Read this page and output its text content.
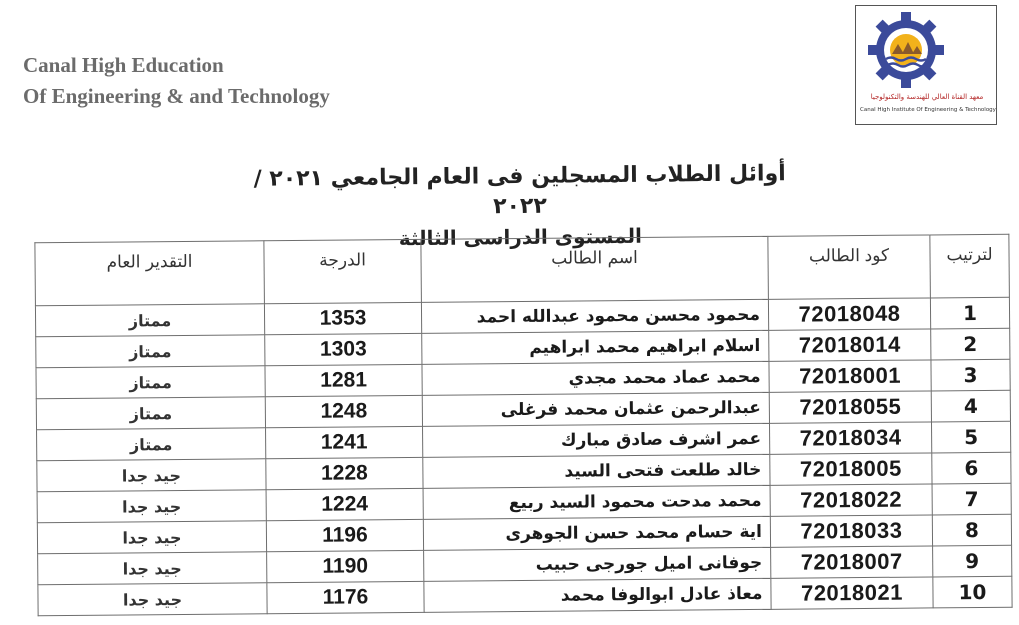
Canal High Education
Of Engineering & and Technology	معهد القناة العالي للهندسة والتكنولوجيا
Canal High Institute Of Engineering & Technology
أوائل الطلاب المسجلين فى العام الجامعي ٢٠٢١ / ٢٠٢٢
المستوى الدراسى الثالثة
لترتيب	كود الطالب	اسم الطالب	الدرجة	التقدير العام
1	72018048	محمود محسن محمود عبدالله احمد	1353	ممتاز
2	72018014	اسلام ابراهيم محمد ابراهيم	1303	ممتاز
3	72018001	محمد عماد محمد مجدي	1281	ممتاز
4	72018055	عبدالرحمن عثمان محمد فرغلى	1248	ممتاز
5	72018034	عمر اشرف صادق مبارك	1241	ممتاز
6	72018005	خالد طلعت فتحى السيد	1228	جيد جدا
7	72018022	محمد مدحت محمود السيد ربيع	1224	جيد جدا
8	72018033	اية حسام محمد حسن الجوهرى	1196	جيد جدا
9	72018007	جوفانى اميل جورجى حبيب	1190	جيد جدا
10	72018021	معاذ عادل ابوالوفا محمد	1176	جيد جدا
